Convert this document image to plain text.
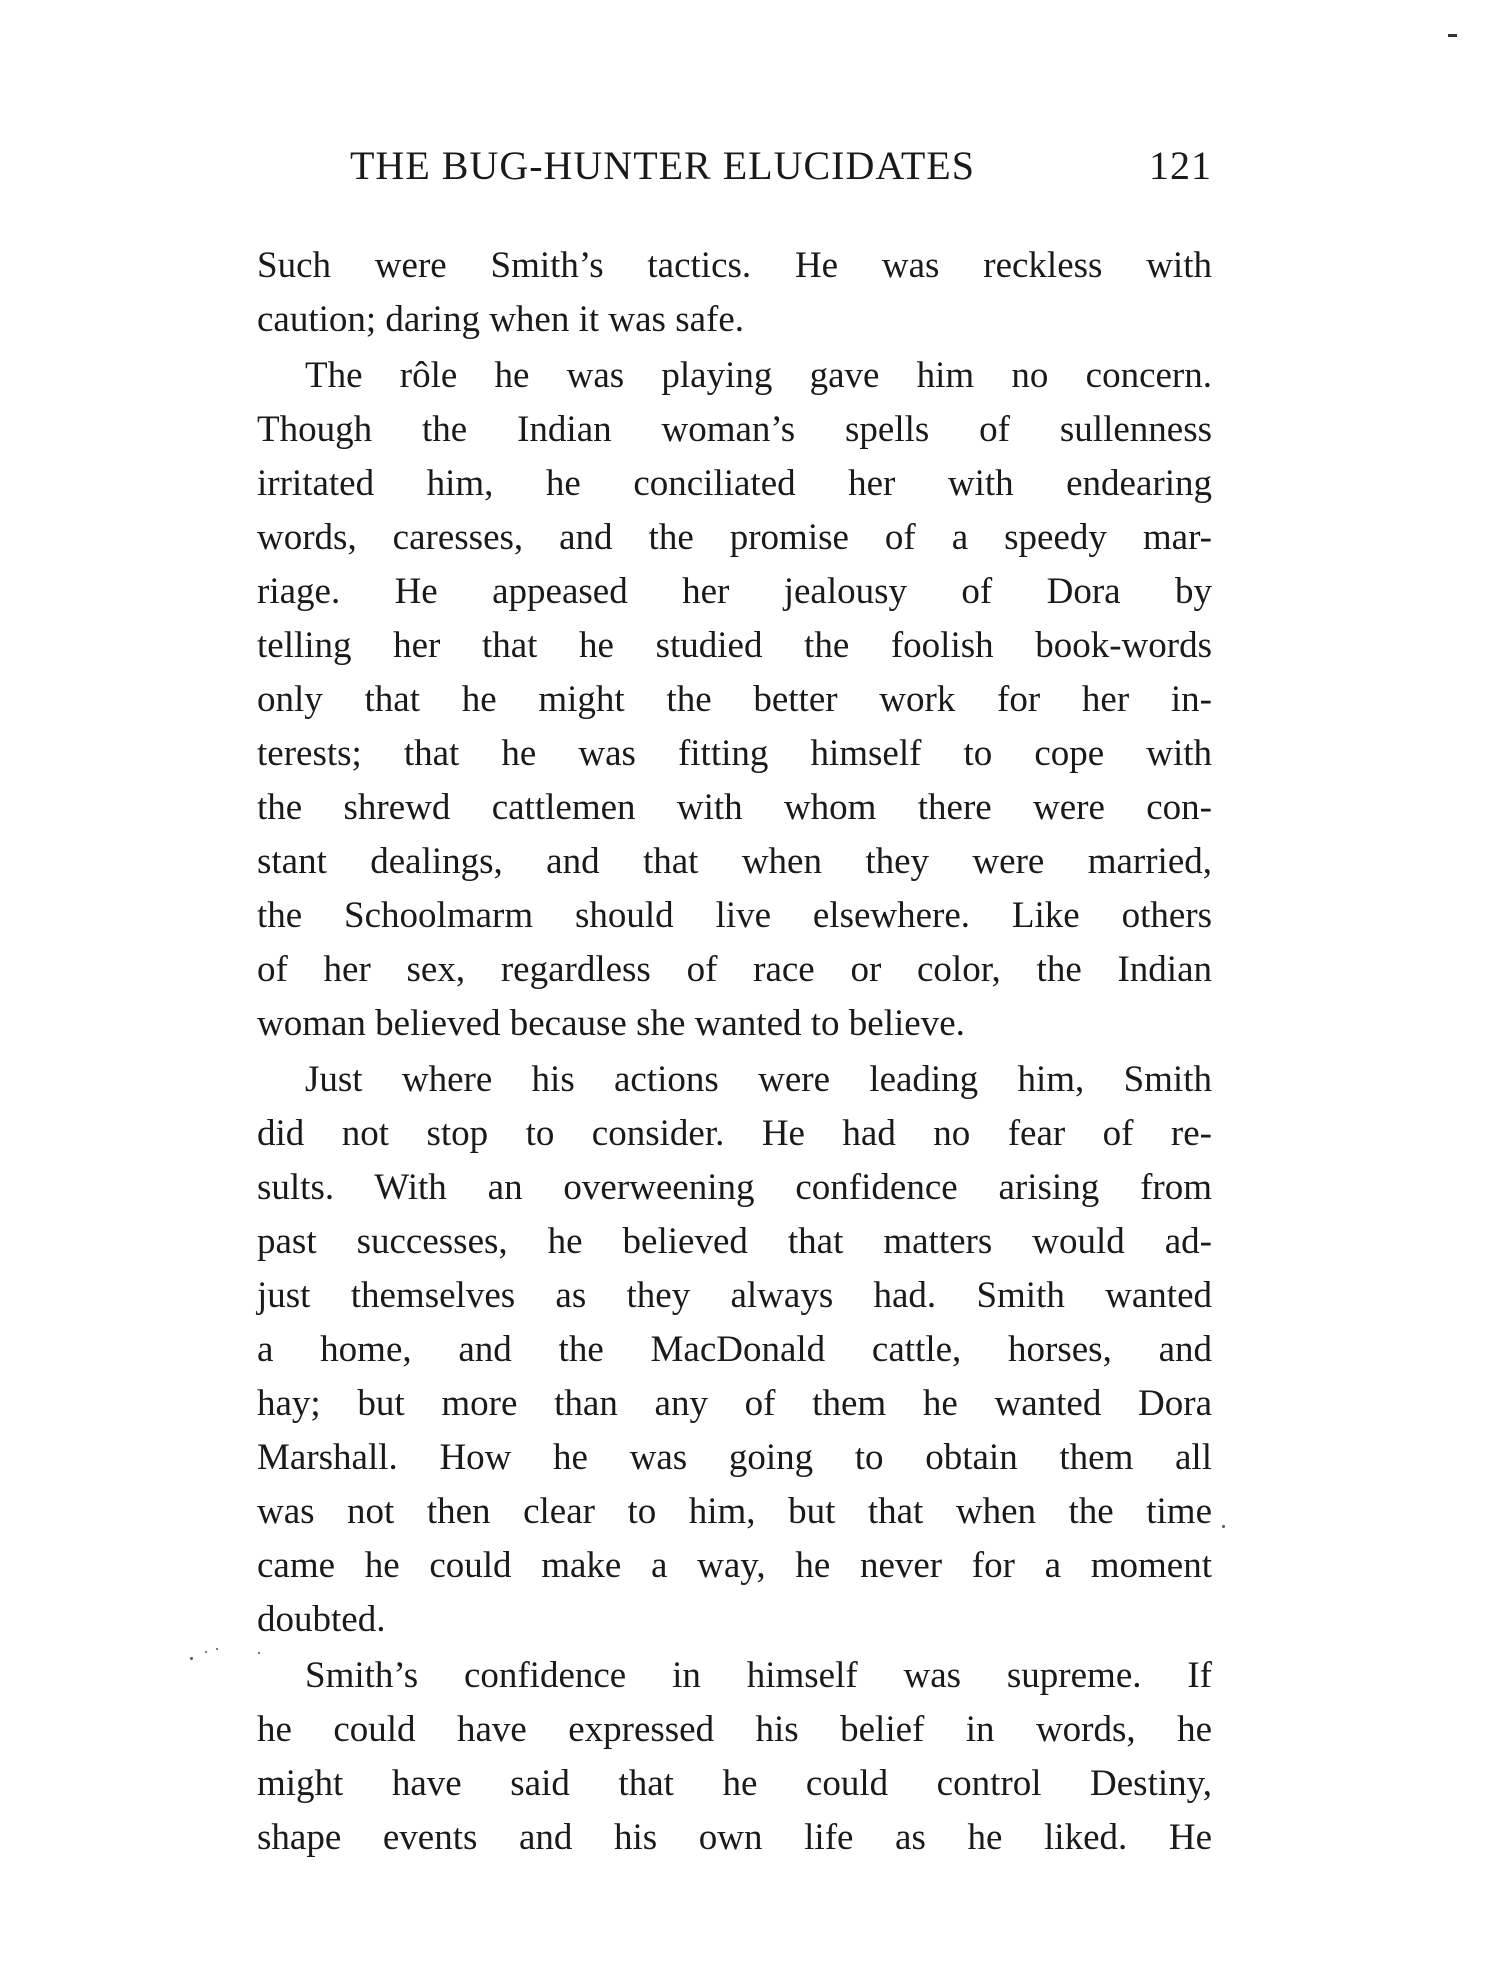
THE BUG-HUNTER ELUCIDATES	121
Such were Smith’s tactics. He was reckless with
caution; daring when it was safe.
The rôle he was playing gave him no concern.
Though the Indian woman’s spells of sullenness
irritated him, he conciliated her with endearing
words, caresses, and the promise of a speedy mar-
riage. He appeased her jealousy of Dora by
telling her that he studied the foolish book-words
only that he might the better work for her in-
terests; that he was fitting himself to cope with
the shrewd cattlemen with whom there were con-
stant dealings, and that when they were married,
the Schoolmarm should live elsewhere. Like others
of her sex, regardless of race or color, the Indian
woman believed because she wanted to believe.
Just where his actions were leading him, Smith
did not stop to consider. He had no fear of re-
sults. With an overweening confidence arising from
past successes, he believed that matters would ad-
just themselves as they always had. Smith wanted
a home, and the MacDonald cattle, horses, and
hay; but more than any of them he wanted Dora
Marshall. How he was going to obtain them all
was not then clear to him, but that when the time
came he could make a way, he never for a moment
doubted.
Smith’s confidence in himself was supreme. If
he could have expressed his belief in words, he
might have said that he could control Destiny,
shape events and his own life as he liked. He
